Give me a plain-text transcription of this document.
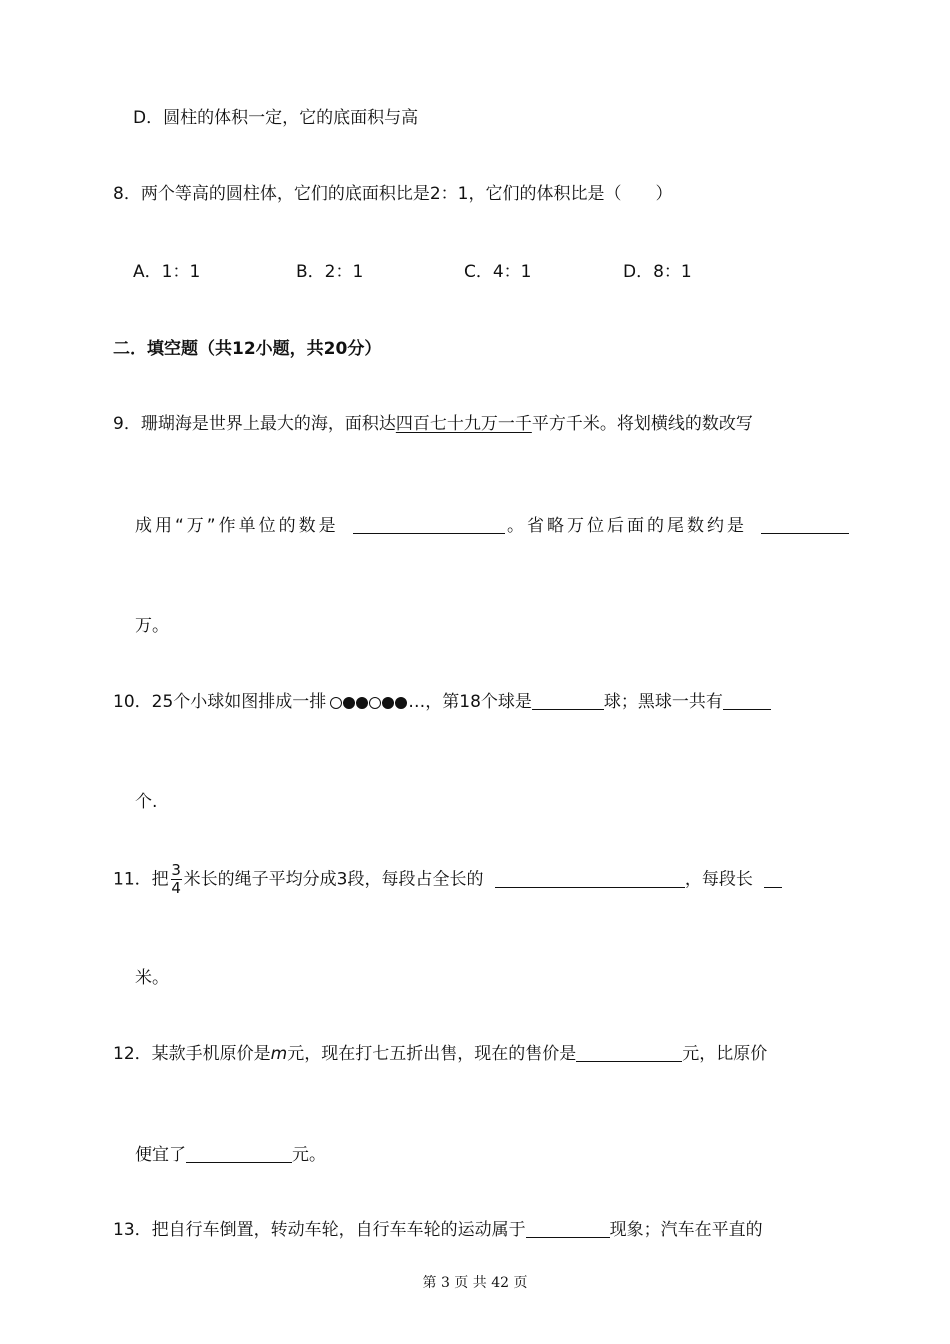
D．圆柱的体积一定，它的底面积与高
8．两个等高的圆柱体，它们的底面积比是2：1，它们的体积比是（　　）
A．1：1	B．2：1	C．4：1	D．8：1
二．填空题（共12小题，共20分）
9．珊瑚海是世界上最大的海，面积达四百七十九万一千平方千米。将划横线的数改写
成用“万”作单位的数是	。省略万位后面的尾数约是
万。
10．25个小球如图排成一排	…，第18个球是	球；黑球一共有
个.
11．把 $\frac{3}{4}$ 米长的绳子平均分成3段，每段占全长的	，每段长
米。
12．某款手机原价是m元，现在打七五折出售，现在的售价是	元，比原价
便宜了	元。
13．把自行车倒置，转动车轮，自行车车轮的运动属于	现象；汽车在平直的
第 3 页 共 42 页
